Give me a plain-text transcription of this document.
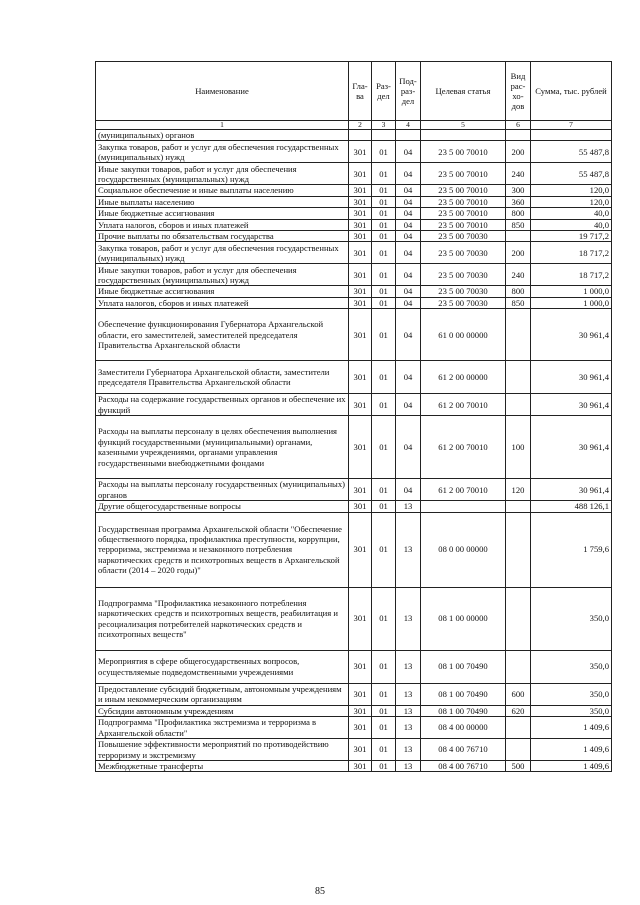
Наименование	Гла-ва	Раз-дел	Под-раз-дел	Целевая статья	Вид рас-хо-дов	Сумма, тыс. рублей
1	2	3	4	5	6	7
(муниципальных) органов						
Закупка товаров, работ и услуг для обеспечения государственных (муниципальных) нужд	301	01	04	23 5 00 70010	200	55 487,8
Иные закупки товаров, работ и услуг для обеспечения государственных (муниципальных) нужд	301	01	04	23 5 00 70010	240	55 487,8
Социальное обеспечение и иные выплаты населению	301	01	04	23 5 00 70010	300	120,0
Иные выплаты населению	301	01	04	23 5 00 70010	360	120,0
Иные бюджетные ассигнования	301	01	04	23 5 00 70010	800	40,0
Уплата налогов, сборов и иных платежей	301	01	04	23 5 00 70010	850	40,0
Прочие выплаты по обязательствам государства	301	01	04	23 5 00 70030		19 717,2
Закупка товаров, работ и услуг для обеспечения государственных (муниципальных) нужд	301	01	04	23 5 00 70030	200	18 717,2
Иные закупки товаров, работ и услуг для обеспечения государственных (муниципальных) нужд	301	01	04	23 5 00 70030	240	18 717,2
Иные бюджетные ассигнования	301	01	04	23 5 00 70030	800	1 000,0
Уплата налогов, сборов и иных платежей	301	01	04	23 5 00 70030	850	1 000,0
Обеспечение функционирования Губернатора Архангельской области, его заместителей, заместителей председателя Правительства Архангельской области	301	01	04	61 0 00 00000		30 961,4
Заместители Губернатора Архангельской области, заместители председателя Правительства Архангельской области	301	01	04	61 2 00 00000		30 961,4
Расходы на содержание государственных органов и обеспечение их функций	301	01	04	61 2 00 70010		30 961,4
Расходы на выплаты персоналу в целях обеспечения выполнения функций государственными (муниципальными) органами, казенными учреждениями, органами управления государственными внебюджетными фондами	301	01	04	61 2 00 70010	100	30 961,4
Расходы на выплаты персоналу государственных (муниципальных) органов	301	01	04	61 2 00 70010	120	30 961,4
Другие общегосударственные вопросы	301	01	13			488 126,1
Государственная программа Архангельской области "Обеспечение общественного порядка, профилактика преступности, коррупции, терроризма, экстремизма и незаконного потребления наркотических средств и психотропных веществ в Архангельской области (2014 – 2020 годы)"	301	01	13	08 0 00 00000		1 759,6
Подпрограмма "Профилактика незаконного потребления наркотических средств и психотропных веществ, реабилитация и ресоциализация потребителей наркотических средств и психотропных веществ"	301	01	13	08 1 00 00000		350,0
Мероприятия в сфере общегосударственных вопросов, осуществляемые подведомственными учреждениями	301	01	13	08 1 00 70490		350,0
Предоставление субсидий бюджетным, автономным учреждениям и иным некоммерческим организациям	301	01	13	08 1 00 70490	600	350,0
Субсидии автономным учреждениям	301	01	13	08 1 00 70490	620	350,0
Подпрограмма "Профилактика экстремизма и терроризма в Архангельской области"	301	01	13	08 4 00 00000		1 409,6
Повышение эффективности мероприятий по противодействию терроризму и экстремизму	301	01	13	08 4 00 76710		1 409,6
Межбюджетные трансферты	301	01	13	08 4 00 76710	500	1 409,6
85
